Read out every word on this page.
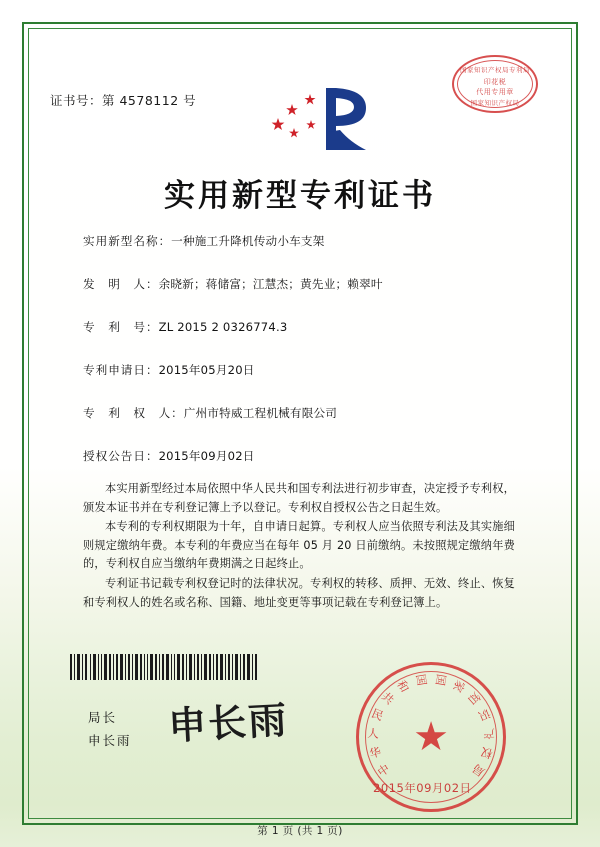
证书号：第 4578112 号
国家知识产权局专利局
印花税
代用专用章
国家知识产权局
实用新型专利证书
实用新型名称：一种施工升降机传动小车支架
发　明　人：余晓新；蒋储富；江慧杰；黄先业；赖翠叶
专　利　号：ZL 2015 2 0326774.3
专利申请日：2015年05月20日
专　利　权　人：广州市特威工程机械有限公司
授权公告日：2015年09月02日
本实用新型经过本局依照中华人民共和国专利法进行初步审查，决定授予专利权，颁发本证书并在专利登记簿上予以登记。专利权自授权公告之日起生效。
本专利的专利权期限为十年，自申请日起算。专利权人应当依照专利法及其实施细则规定缴纳年费。本专利的年费应当在每年 05 月 20 日前缴纳。未按照规定缴纳年费的，专利权自应当缴纳年费期满之日起终止。
专利证书记载专利权登记时的法律状况。专利权的转移、质押、无效、终止、恢复和专利权人的姓名或名称、国籍、地址变更等事项记载在专利登记簿上。
局长
申长雨 申长雨	★
中
华
人
民
共
和 国 国 家
知
识
产
权
局
2015年09月02日
第 1 页 (共 1 页)
